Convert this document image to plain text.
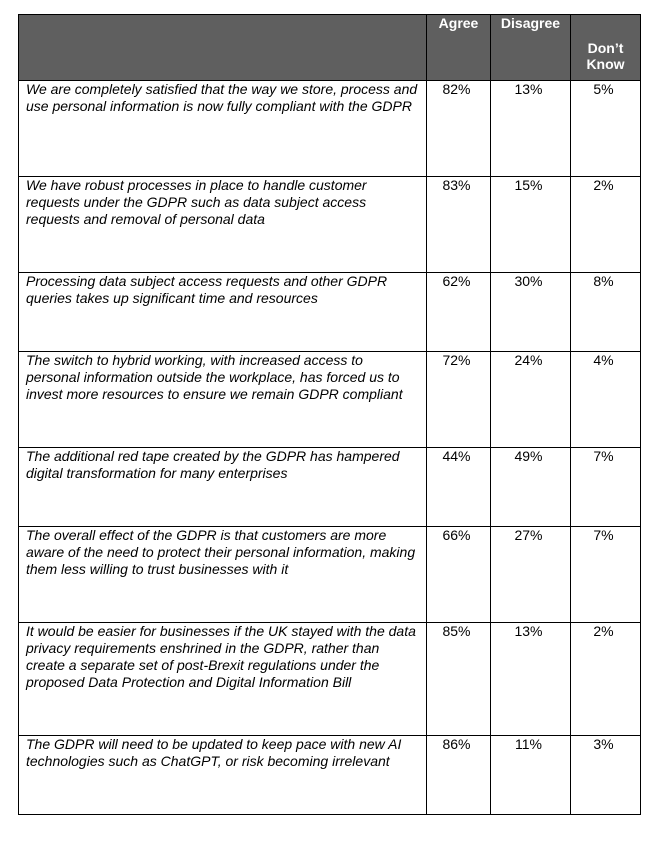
	Agree	Disagree	Don’t Know
We are completely satisfied that the way we store, process and use personal information is now fully compliant with the GDPR	82%	13%	5%
We have robust processes in place to handle customer requests under the GDPR such as data subject access requests and removal of personal data	83%	15%	2%
Processing data subject access requests and other GDPR queries takes up significant time and resources	62%	30%	8%
The switch to hybrid working, with increased access to personal information outside the workplace, has forced us to invest more resources to ensure we remain GDPR compliant	72%	24%	4%
The additional red tape created by the GDPR has hampered digital transformation for many enterprises	44%	49%	7%
The overall effect of the GDPR is that customers are more aware of the need to protect their personal information, making them less willing to trust businesses with it	66%	27%	7%
It would be easier for businesses if the UK stayed with the data privacy requirements enshrined in the GDPR, rather than create a separate set of post-Brexit regulations under the proposed Data Protection and Digital Information Bill	85%	13%	2%
The GDPR will need to be updated to keep pace with new AI technologies such as ChatGPT, or risk becoming irrelevant	86%	11%	3%
